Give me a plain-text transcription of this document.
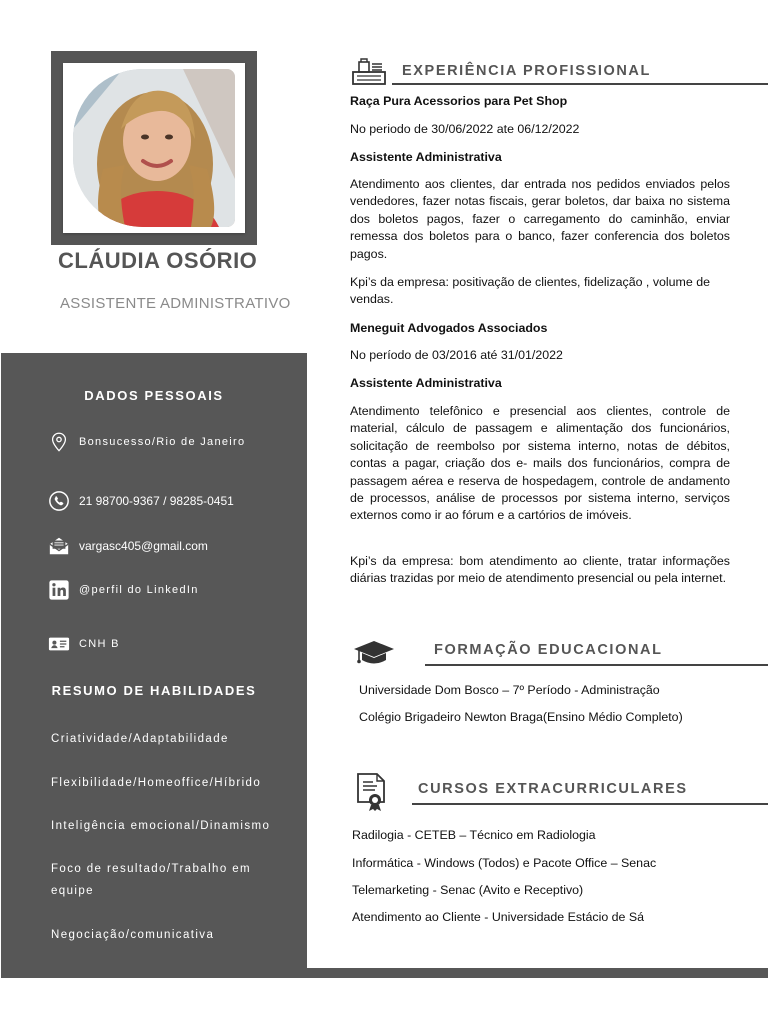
CLÁUDIA OSÓRIO
ASSISTENTE ADMINISTRATIVO
DADOS PESSOAIS
Bonsucesso/Rio de Janeiro
21 98700-9367 / 98285-0451
vargasc405@gmail.com
@perfil do LinkedIn
CNH B
RESUMO DE HABILIDADES
Criatividade/Adaptabilidade
Flexibilidade/Homeoffice/Híbrido
Inteligência emocional/Dinamismo
Foco de resultado/Trabalho em equipe
Negociação/comunicativa
EXPERIÊNCIA PROFISSIONAL
Raça Pura Acessorios para Pet Shop
No periodo de 30/06/2022 ate 06/12/2022
Assistente Administrativa
Atendimento aos clientes, dar entrada nos pedidos enviados pelos vendedores, fazer notas fiscais, gerar boletos, dar baixa no sistema dos boletos pagos, fazer o carregamento do caminhão, enviar remessa dos boletos para o banco, fazer conferencia dos boletos pagos.
Kpi’s da empresa: positivação de clientes, fidelização , volume de vendas.
Meneguit Advogados Associados
No período de 03/2016 até 31/01/2022
Assistente Administrativa
Atendimento telefônico e presencial aos clientes, controle de material, cálculo de passagem e alimentação dos funcionários, solicitação de reembolso por sistema interno, notas de débitos, contas a pagar, criação dos e- mails dos funcionários, compra de passagem aérea e reserva de hospedagem, controle de andamento de processos, análise de processos por sistema interno, serviços externos como ir ao fórum e a cartórios de imóveis.
Kpi’s da empresa: bom atendimento ao cliente, tratar informações diárias trazidas por meio de atendimento presencial ou pela internet.
FORMAÇÃO EDUCACIONAL
Universidade Dom Bosco – 7º Período - Administração
Colégio Brigadeiro Newton Braga(Ensino Médio Completo)
CURSOS EXTRACURRICULARES
Radilogia - CETEB – Técnico em Radiologia
Informática - Windows (Todos) e Pacote Office – Senac
Telemarketing - Senac (Avito e Receptivo)
Atendimento ao Cliente - Universidade Estácio de Sá
